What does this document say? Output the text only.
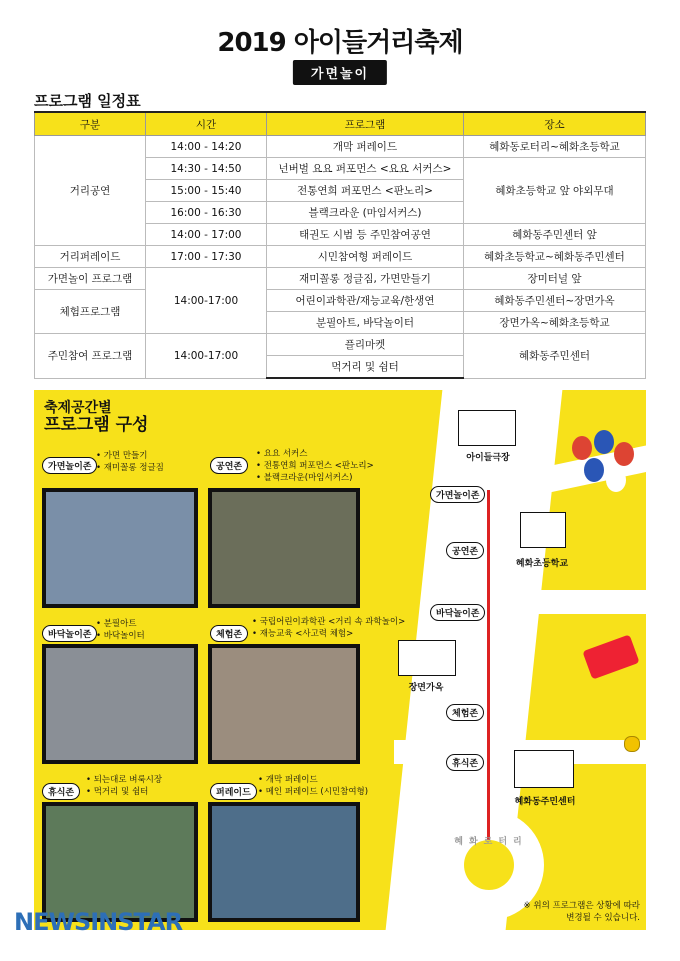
2019 아이들거리축제
가면놀이
프로그램 일정표
구분	시간	프로그램	장소
거리공연	14:00 - 14:20	개막 퍼레이드	혜화동로터리~혜화초등학교
	14:30 - 14:50	넌버벌 요요 퍼포먼스 <요요 서커스>	혜화초등학교 앞 야외무대
	15:00 - 15:40	전통연희 퍼포먼스 <판노리>	
	16:00 - 16:30	블랙크라운 (마임서커스)	
	14:00 - 17:00	태권도 시범 등 주민참여공연	혜화동주민센터 앞
거리퍼레이드	17:00 - 17:30	시민참여형 퍼레이드	혜화초등학교~혜화동주민센터
가면놀이 프로그램	14:00-17:00	재미꼴롱 정글짐, 가면만들기	장미터널 앞
체험프로그램		어린이과학관/재능교육/한생연	혜화동주민센터~장면가옥
		분필아트, 바닥놀이터	장면가옥~혜화초등학교
주민참여 프로그램	14:00-17:00	플리마켓	혜화동주민센터
		먹거리 및 쉼터	
축제공간별
프로그램 구성
가면놀이존
• 가면 만들기
• 재미꼴롱 정글짐	공연존
• 요요 서커스
• 전통연희 퍼포먼스 <판노리>
• 블랙크라운(마임서커스)
바닥놀이존
• 분필아트
• 바닥놀이터	체험존
• 국립어린이과학관 <거리 속 과학놀이>
• 재능교육 <사고력 체험>
휴식존
• 되는대로 벼룩시장
• 먹거리 및 쉼터	퍼레이드
• 개막 퍼레이드
• 메인 퍼레이드 (시민참여형)
가면놀이존
공연존
바닥놀이존
체험존
휴식존
아이들극장
혜화초등학교
장면가옥
혜화동주민센터
혜화로터리
※ 위의 프로그램은 상황에 따라
변경될 수 있습니다.
NEWSINSTAR
